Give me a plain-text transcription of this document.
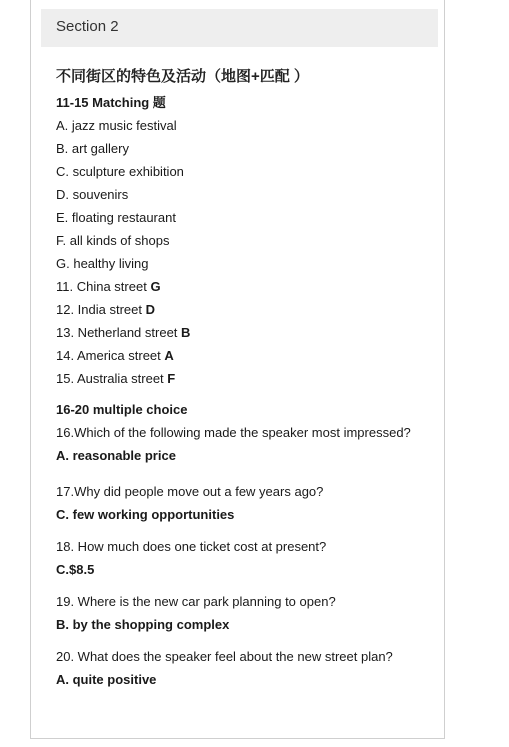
Section 2
不同街区的特色及活动（地图+匹配 ）
11-15 Matching 题
A. jazz music festival
B. art gallery
C. sculpture exhibition
D. souvenirs
E. floating restaurant
F. all kinds of shops
G. healthy living
11. China street G
12. India street D
13. Netherland street B
14. America street A
15. Australia street F
16-20 multiple choice
16.Which of the following made the speaker most impressed?
A. reasonable price
17.Why did people move out a few years ago?
C. few working opportunities
18. How much does one ticket cost at present?
C.$8.5
19. Where is the new car park planning to open?
B. by the shopping complex
20. What does the speaker feel about the new street plan?
A. quite positive
